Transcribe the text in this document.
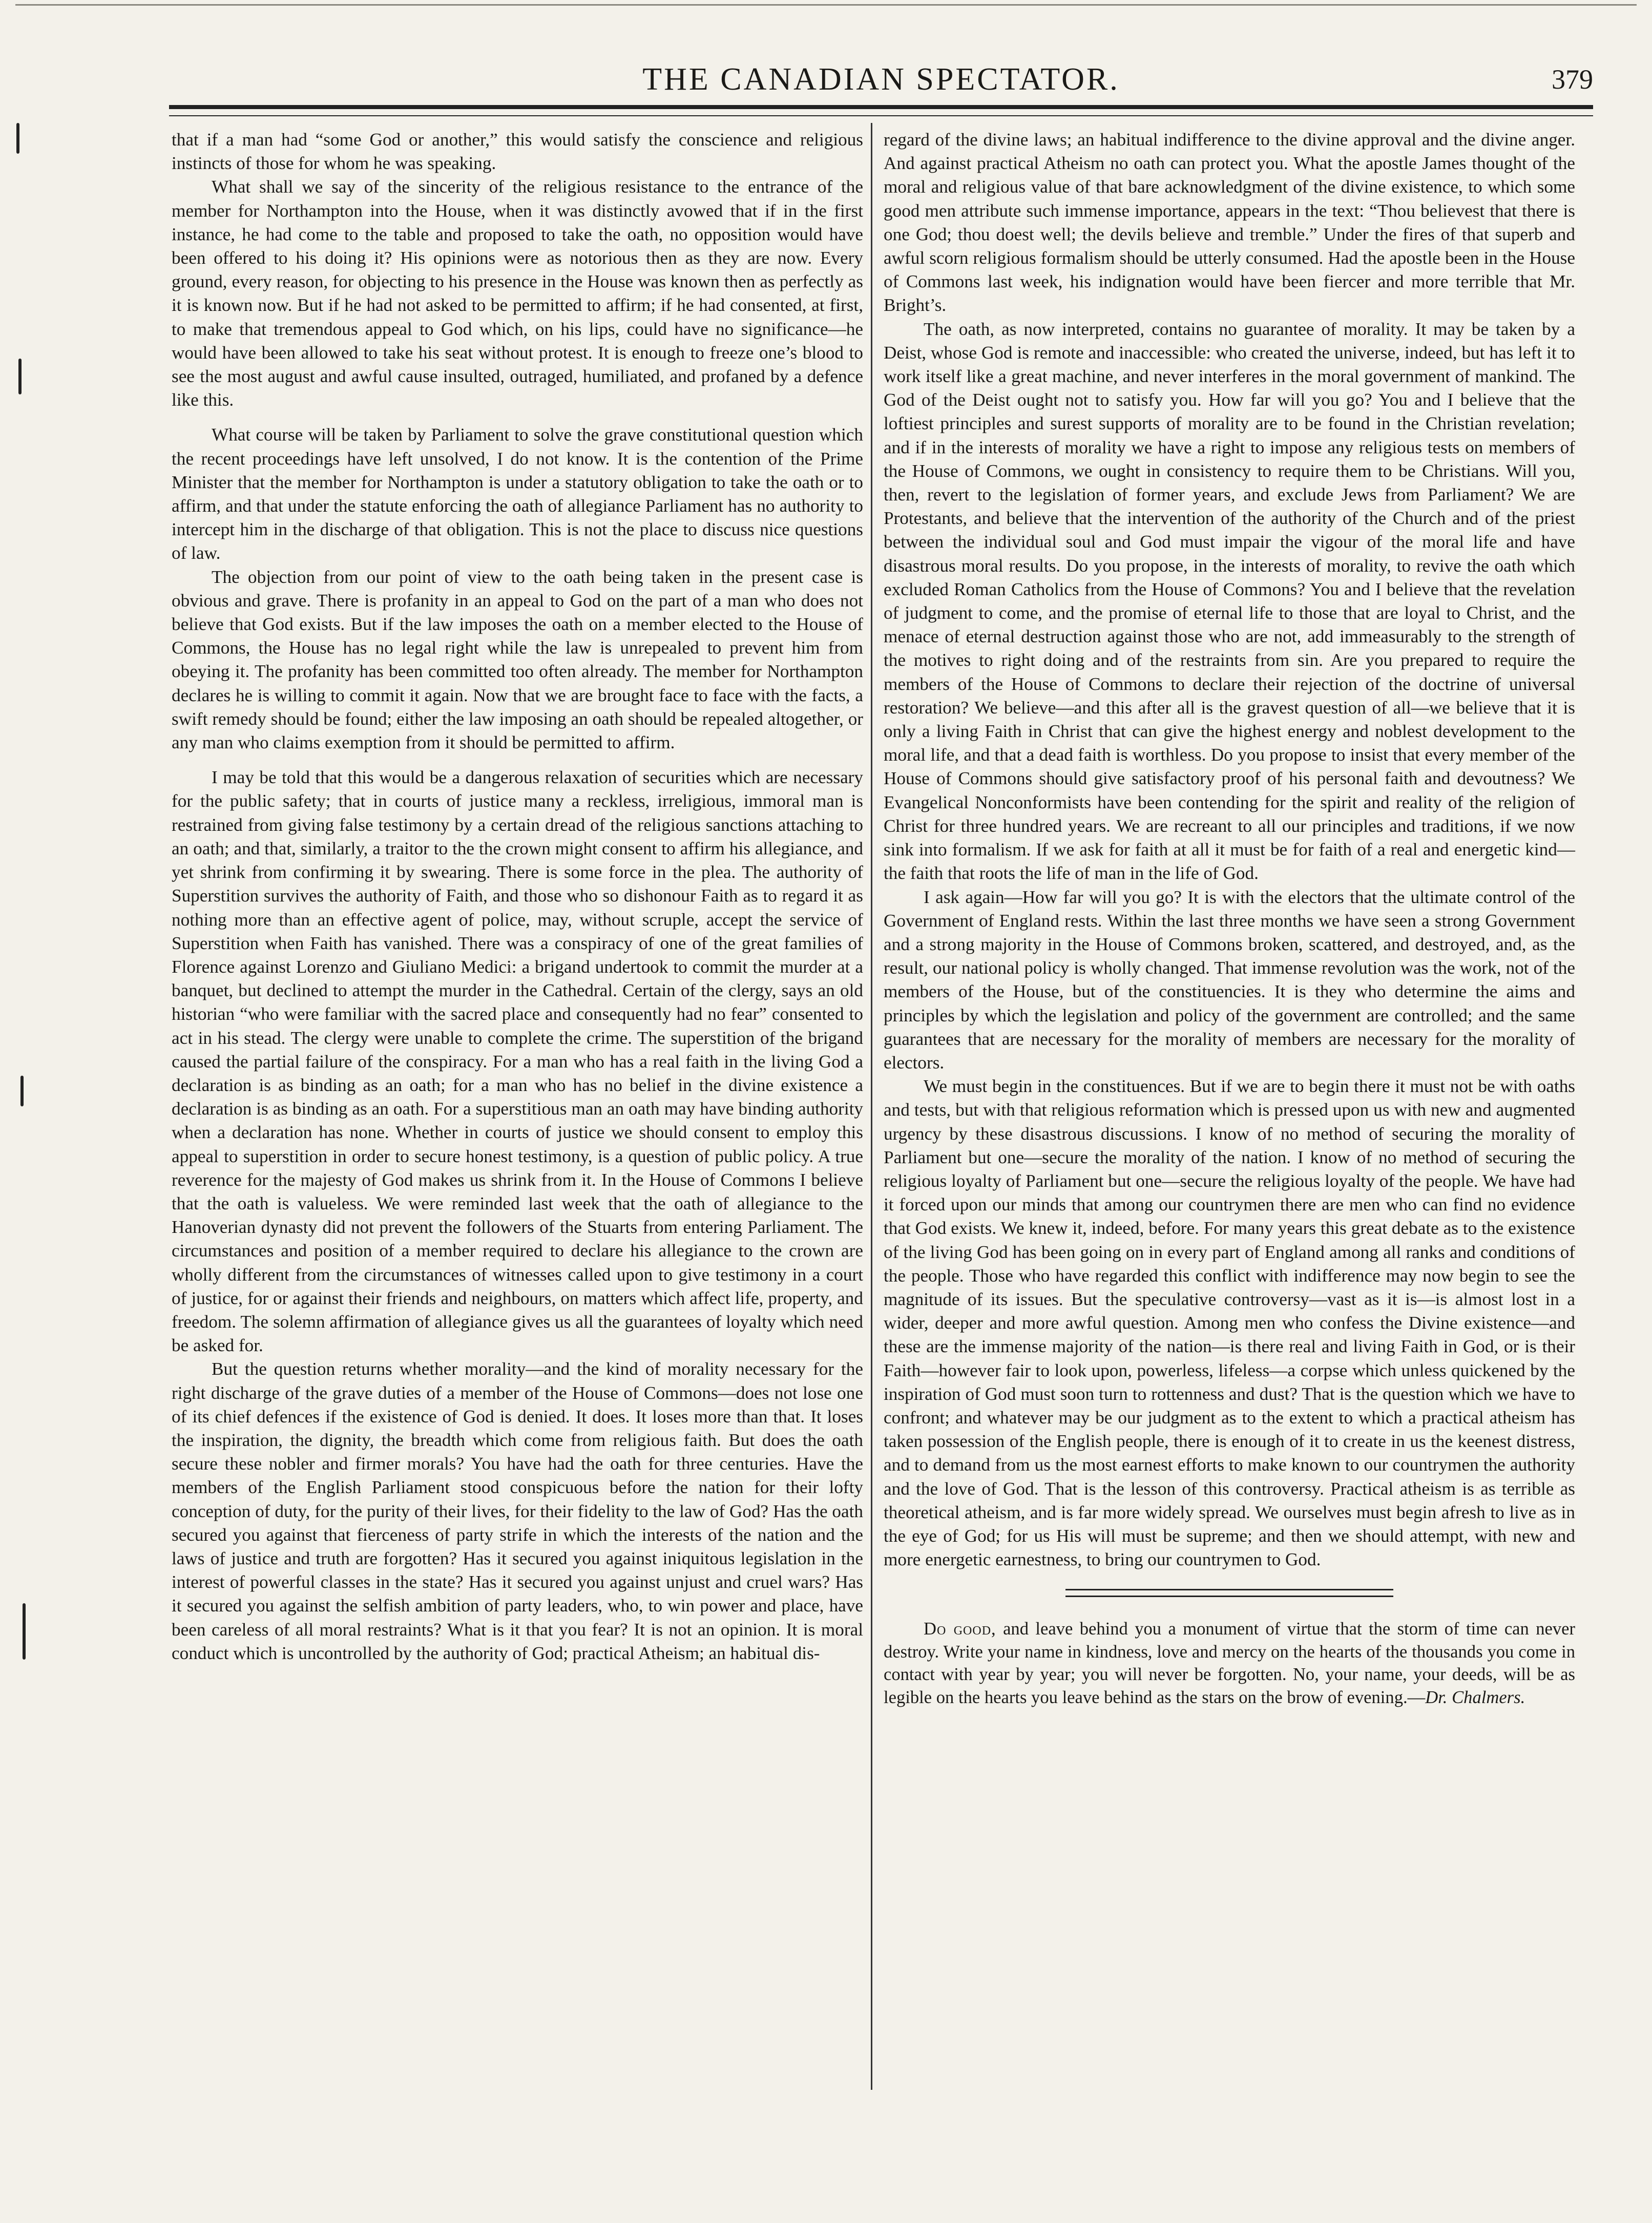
THE CANADIAN SPECTATOR.	379

that if a man had “some God or another,” this would satisfy the conscience and religious instincts of those for whom he was speaking.

What shall we say of the sincerity of the religious resistance to the entrance of the member for Northampton into the House, when it was distinctly avowed that if in the first instance, he had come to the table and proposed to take the oath, no opposition would have been offered to his doing it? His opinions were as notorious then as they are now. Every ground, every reason, for objecting to his presence in the House was known then as perfectly as it is known now. But if he had not asked to be permitted to affirm; if he had consented, at first, to make that tremendous appeal to God which, on his lips, could have no significance—he would have been allowed to take his seat without protest. It is enough to freeze one’s blood to see the most august and awful cause insulted, outraged, humiliated, and profaned by a defence like this.

What course will be taken by Parliament to solve the grave constitutional question which the recent proceedings have left unsolved, I do not know. It is the contention of the Prime Minister that the member for Northampton is under a statutory obligation to take the oath or to affirm, and that under the statute enforcing the oath of allegiance Parliament has no authority to intercept him in the discharge of that obligation. This is not the place to discuss nice questions of law.

The objection from our point of view to the oath being taken in the present case is obvious and grave. There is profanity in an appeal to God on the part of a man who does not believe that God exists. But if the law imposes the oath on a member elected to the House of Commons, the House has no legal right while the law is unrepealed to prevent him from obeying it. The profanity has been committed too often already. The member for Northampton declares he is willing to commit it again. Now that we are brought face to face with the facts, a swift remedy should be found; either the law imposing an oath should be repealed altogether, or any man who claims exemption from it should be permitted to affirm.

I may be told that this would be a dangerous relaxation of securities which are necessary for the public safety; that in courts of justice many a reckless, irreligious, immoral man is restrained from giving false testimony by a certain dread of the religious sanctions attaching to an oath; and that, similarly, a traitor to the the crown might consent to affirm his allegiance, and yet shrink from confirming it by swearing. There is some force in the plea. The authority of Superstition survives the authority of Faith, and those who so dishonour Faith as to regard it as nothing more than an effective agent of police, may, without scruple, accept the service of Superstition when Faith has vanished. There was a conspiracy of one of the great families of Florence against Lorenzo and Giuliano Medici: a brigand undertook to commit the murder at a banquet, but declined to attempt the murder in the Cathedral. Certain of the clergy, says an old historian “who were familiar with the sacred place and consequently had no fear” consented to act in his stead. The clergy were unable to complete the crime. The superstition of the brigand caused the partial failure of the conspiracy. For a man who has a real faith in the living God a declaration is as binding as an oath; for a man who has no belief in the divine existence a declaration is as binding as an oath. For a superstitious man an oath may have binding authority when a declaration has none. Whether in courts of justice we should consent to employ this appeal to superstition in order to secure honest testimony, is a question of public policy. A true reverence for the majesty of God makes us shrink from it. In the House of Commons I believe that the oath is valueless. We were reminded last week that the oath of allegiance to the Hanoverian dynasty did not prevent the followers of the Stuarts from entering Parliament. The circumstances and position of a member required to declare his allegiance to the crown are wholly different from the circumstances of witnesses called upon to give testimony in a court of justice, for or against their friends and neighbours, on matters which affect life, property, and freedom. The solemn affirmation of allegiance gives us all the guarantees of loyalty which need be asked for.

But the question returns whether morality—and the kind of morality necessary for the right discharge of the grave duties of a member of the House of Commons—does not lose one of its chief defences if the existence of God is denied. It does. It loses more than that. It loses the inspiration, the dignity, the breadth which come from religious faith. But does the oath secure these nobler and firmer morals? You have had the oath for three centuries. Have the members of the English Parliament stood conspicuous before the nation for their lofty conception of duty, for the purity of their lives, for their fidelity to the law of God? Has the oath secured you against that fierceness of party strife in which the interests of the nation and the laws of justice and truth are forgotten? Has it secured you against iniquitous legislation in the interest of powerful classes in the state? Has it secured you against unjust and cruel wars? Has it secured you against the selfish ambition of party leaders, who, to win power and place, have been careless of all moral restraints? What is it that you fear? It is not an opinion. It is moral conduct which is uncontrolled by the authority of God; practical Atheism; an habitual dis-

regard of the divine laws; an habitual indifference to the divine approval and the divine anger. And against practical Atheism no oath can protect you. What the apostle James thought of the moral and religious value of that bare acknowledgment of the divine existence, to which some good men attribute such immense importance, appears in the text: “Thou believest that there is one God; thou doest well; the devils believe and tremble.” Under the fires of that superb and awful scorn religious formalism should be utterly consumed. Had the apostle been in the House of Commons last week, his indignation would have been fiercer and more terrible that Mr. Bright’s.

The oath, as now interpreted, contains no guarantee of morality. It may be taken by a Deist, whose God is remote and inaccessible: who created the universe, indeed, but has left it to work itself like a great machine, and never interferes in the moral government of mankind. The God of the Deist ought not to satisfy you. How far will you go? You and I believe that the loftiest principles and surest supports of morality are to be found in the Christian revelation; and if in the interests of morality we have a right to impose any religious tests on members of the House of Commons, we ought in consistency to require them to be Christians. Will you, then, revert to the legislation of former years, and exclude Jews from Parliament? We are Protestants, and believe that the intervention of the authority of the Church and of the priest between the individual soul and God must impair the vigour of the moral life and have disastrous moral results. Do you propose, in the interests of morality, to revive the oath which excluded Roman Catholics from the House of Commons? You and I believe that the revelation of judgment to come, and the promise of eternal life to those that are loyal to Christ, and the menace of eternal destruction against those who are not, add immeasurably to the strength of the motives to right doing and of the restraints from sin. Are you prepared to require the members of the House of Commons to declare their rejection of the doctrine of universal restoration? We believe—and this after all is the gravest question of all—we believe that it is only a living Faith in Christ that can give the highest energy and noblest development to the moral life, and that a dead faith is worthless. Do you propose to insist that every member of the House of Commons should give satisfactory proof of his personal faith and devoutness? We Evangelical Nonconformists have been contending for the spirit and reality of the religion of Christ for three hundred years. We are recreant to all our principles and traditions, if we now sink into formalism. If we ask for faith at all it must be for faith of a real and energetic kind—the faith that roots the life of man in the life of God.

I ask again—How far will you go? It is with the electors that the ultimate control of the Government of England rests. Within the last three months we have seen a strong Government and a strong majority in the House of Commons broken, scattered, and destroyed, and, as the result, our national policy is wholly changed. That immense revolution was the work, not of the members of the House, but of the constituencies. It is they who determine the aims and principles by which the legislation and policy of the government are controlled; and the same guarantees that are necessary for the morality of members are necessary for the morality of electors.

We must begin in the constituences. But if we are to begin there it must not be with oaths and tests, but with that religious reformation which is pressed upon us with new and augmented urgency by these disastrous discussions. I know of no method of securing the morality of Parliament but one—secure the morality of the nation. I know of no method of securing the religious loyalty of Parliament but one—secure the religious loyalty of the people. We have had it forced upon our minds that among our countrymen there are men who can find no evidence that God exists. We knew it, indeed, before. For many years this great debate as to the existence of the living God has been going on in every part of England among all ranks and conditions of the people. Those who have regarded this conflict with indifference may now begin to see the magnitude of its issues. But the speculative controversy—vast as it is—is almost lost in a wider, deeper and more awful question. Among men who confess the Divine existence—and these are the immense majority of the nation—is there real and living Faith in God, or is their Faith—however fair to look upon, powerless, lifeless—a corpse which unless quickened by the inspiration of God must soon turn to rottenness and dust? That is the question which we have to confront; and whatever may be our judgment as to the extent to which a practical atheism has taken possession of the English people, there is enough of it to create in us the keenest distress, and to demand from us the most earnest efforts to make known to our countrymen the authority and the love of God. That is the lesson of this controversy. Practical atheism is as terrible as theoretical atheism, and is far more widely spread. We ourselves must begin afresh to live as in the eye of God; for us His will must be supreme; and then we should attempt, with new and more energetic earnestness, to bring our countrymen to God.

Do good, and leave behind you a monument of virtue that the storm of time can never destroy. Write your name in kindness, love and mercy on the hearts of the thousands you come in contact with year by year; you will never be forgotten. No, your name, your deeds, will be as legible on the hearts you leave behind as the stars on the brow of evening.—Dr. Chalmers.
